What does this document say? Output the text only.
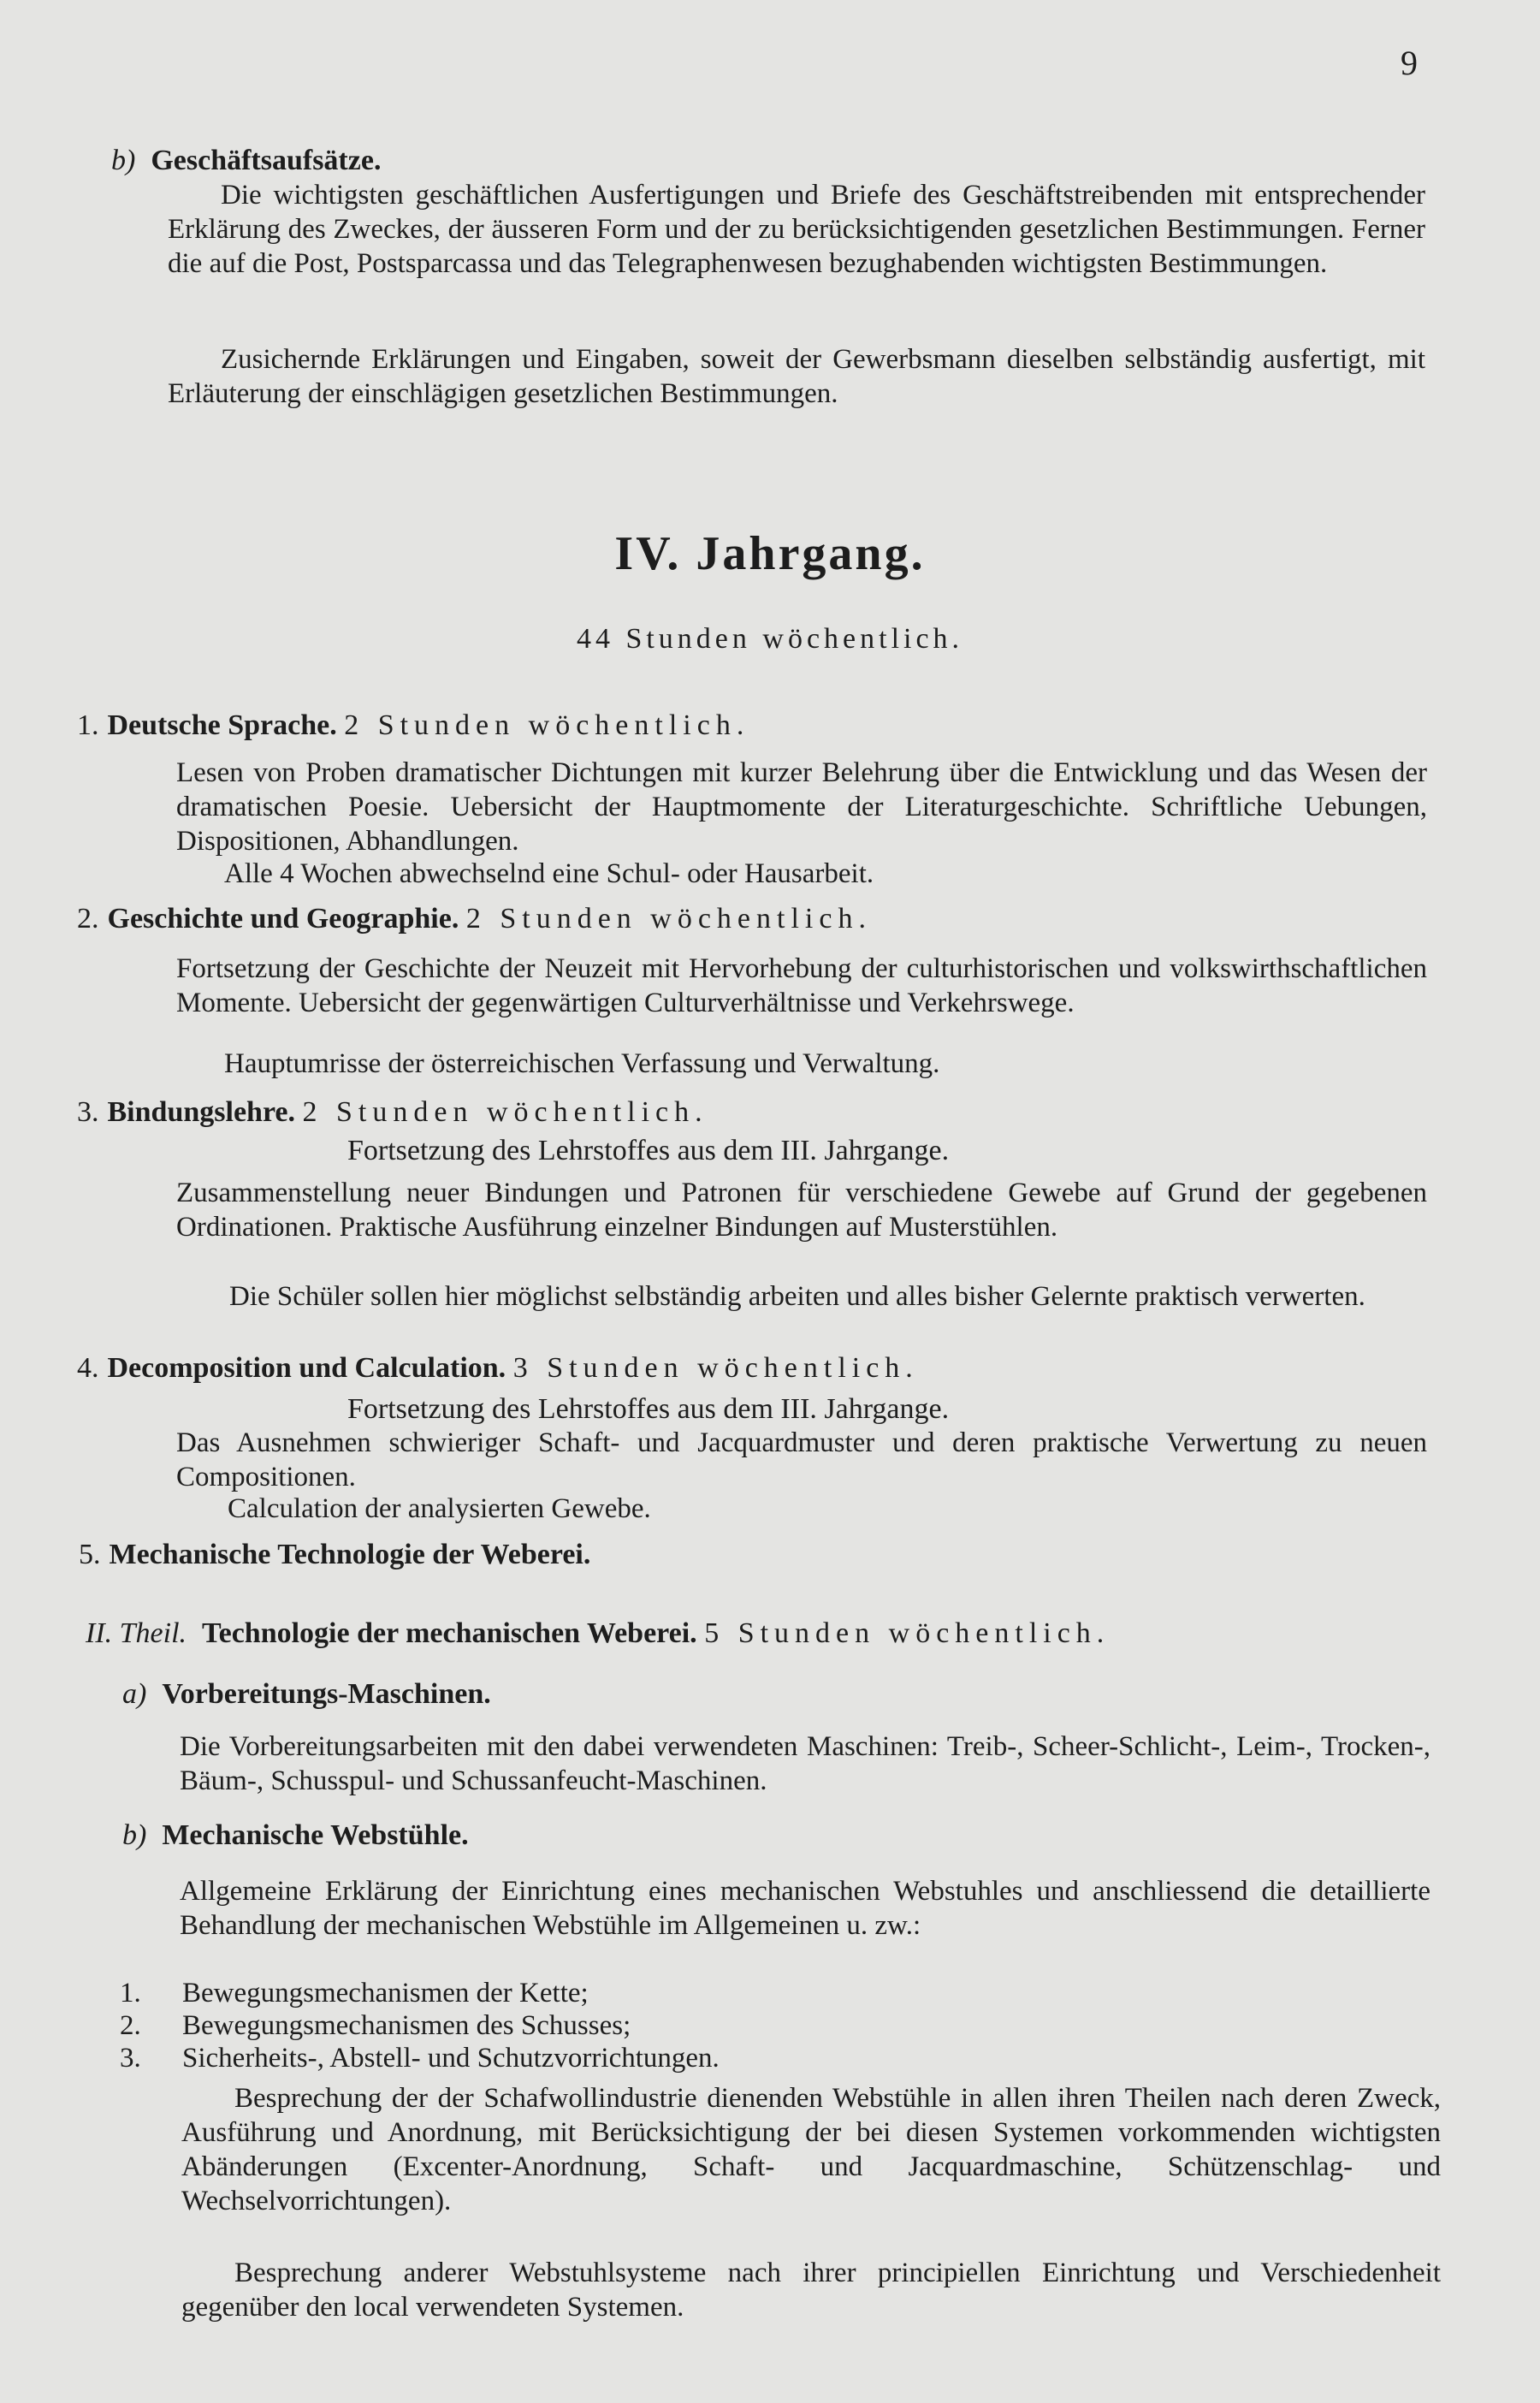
9
b) Geschäftsaufsätze.

Die wichtigsten geschäftlichen Ausfertigungen und Briefe des Geschäftstreibenden mit entsprechender Erklärung des Zweckes, der äusseren Form und der zu berücksichtigenden gesetzlichen Bestimmungen. Ferner die auf die Post, Postsparcassa und das Telegraphenwesen bezughabenden wichtigsten Bestimmungen.

Zusichernde Erklärungen und Eingaben, soweit der Gewerbsmann dieselben selbständig ausfertigt, mit Erläuterung der einschlägigen gesetzlichen Bestimmungen.

IV. Jahrgang.
44 Stunden wöchentlich.
1. Deutsche Sprache. 2 Stunden wöchentlich.

Lesen von Proben dramatischer Dichtungen mit kurzer Belehrung über die Entwicklung und das Wesen der dramatischen Poesie. Uebersicht der Hauptmomente der Literaturgeschichte. Schriftliche Uebungen, Dispositionen, Abhandlungen.

Alle 4 Wochen abwechselnd eine Schul- oder Hausarbeit.

2. Geschichte und Geographie. 2 Stunden wöchentlich.

Fortsetzung der Geschichte der Neuzeit mit Hervorhebung der culturhistorischen und volkswirthschaftlichen Momente. Uebersicht der gegenwärtigen Culturverhältnisse und Verkehrswege.

Hauptumrisse der österreichischen Verfassung und Verwaltung.

3. Bindungslehre. 2 Stunden wöchentlich.
Fortsetzung des Lehrstoffes aus dem III. Jahrgange.

Zusammenstellung neuer Bindungen und Patronen für verschiedene Gewebe auf Grund der gegebenen Ordinationen. Praktische Ausführung einzelner Bindungen auf Musterstühlen.

Die Schüler sollen hier möglichst selbständig arbeiten und alles bisher Gelernte praktisch verwerten.

4. Decomposition und Calculation. 3 Stunden wöchentlich.
Fortsetzung des Lehrstoffes aus dem III. Jahrgange.

Das Ausnehmen schwieriger Schaft- und Jacquardmuster und deren praktische Verwertung zu neuen Compositionen.

Calculation der analysierten Gewebe.

5. Mechanische Technologie der Weberei.
II. Theil. Technologie der mechanischen Weberei. 5 Stunden wöchentlich.
a) Vorbereitungs-Maschinen.

Die Vorbereitungsarbeiten mit den dabei verwendeten Maschinen: Treib-, Scheer-Schlicht-, Leim-, Trocken-, Bäum-, Schusspul- und Schussanfeucht-Maschinen.

b) Mechanische Webstühle.

Allgemeine Erklärung der Einrichtung eines mechanischen Webstuhles und anschliessend die detaillierte Behandlung der mechanischen Webstühle im Allgemeinen u. zw.:

1. Bewegungsmechanismen der Kette;
2. Bewegungsmechanismen des Schusses;
3. Sicherheits-, Abstell- und Schutzvorrichtungen.

Besprechung der der Schafwollindustrie dienenden Webstühle in allen ihren Theilen nach deren Zweck, Ausführung und Anordnung, mit Berücksichtigung der bei diesen Systemen vorkommenden wichtigsten Abänderungen (Excenter-Anordnung, Schaft- und Jacquardmaschine, Schützenschlag- und Wechselvorrichtungen).

Besprechung anderer Webstuhlsysteme nach ihrer principiellen Einrichtung und Verschiedenheit gegenüber den local verwendeten Systemen.
